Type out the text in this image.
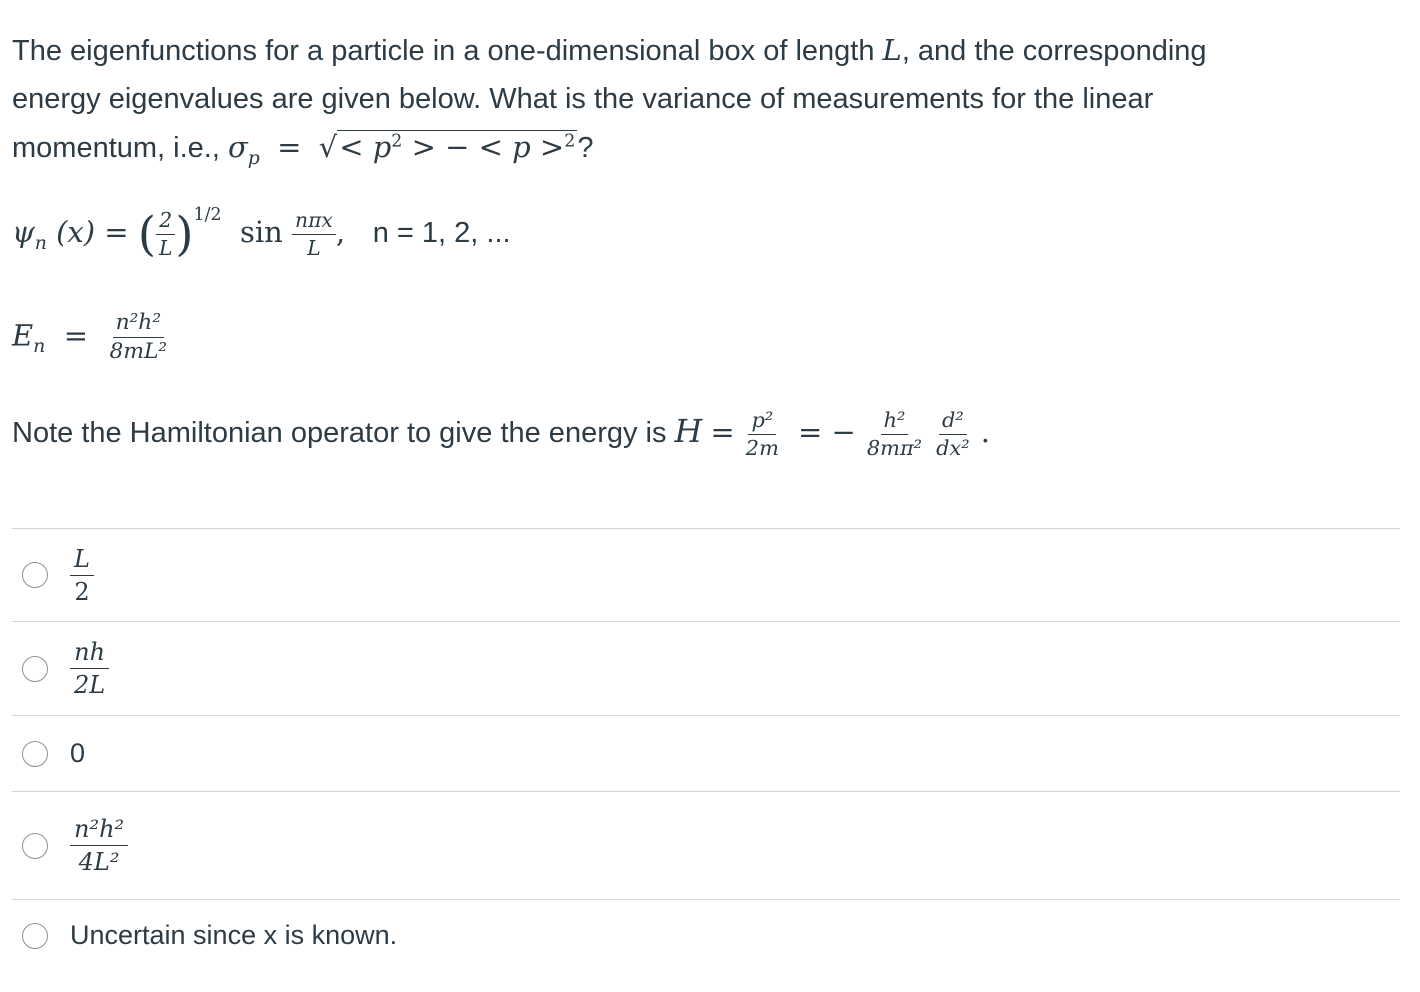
The eigenfunctions for a particle in a one-dimensional box of length L, and the corresponding
energy eigenvalues are given below. What is the variance of measurements for the linear
momentum, i.e., $\sigma_p$  =  √< $p^2$ > − < p >$^2$?
$\psi_n$ (x) = ( $\frac{2}{L} )^{1/2}$ $\sin \frac{\text{nπx}}{L}$ ,   n = 1, 2, ...
$E_n = \frac{\text{n²h²}}{\text{8mL²}}$
Note the Hamiltonian operator to give the energy is $H = \frac{\text{p²}}{2m}$ = − $\frac{\text{h²}}{\text{8mπ²}}$
$\frac{\text{d²}}{\text{dx²}}$ .
$\frac{L}{2}$
$\frac{nh}{2L}$
0
$\frac{\text{n²h²}}{\text{4L²}}$
Uncertain since x is known.
